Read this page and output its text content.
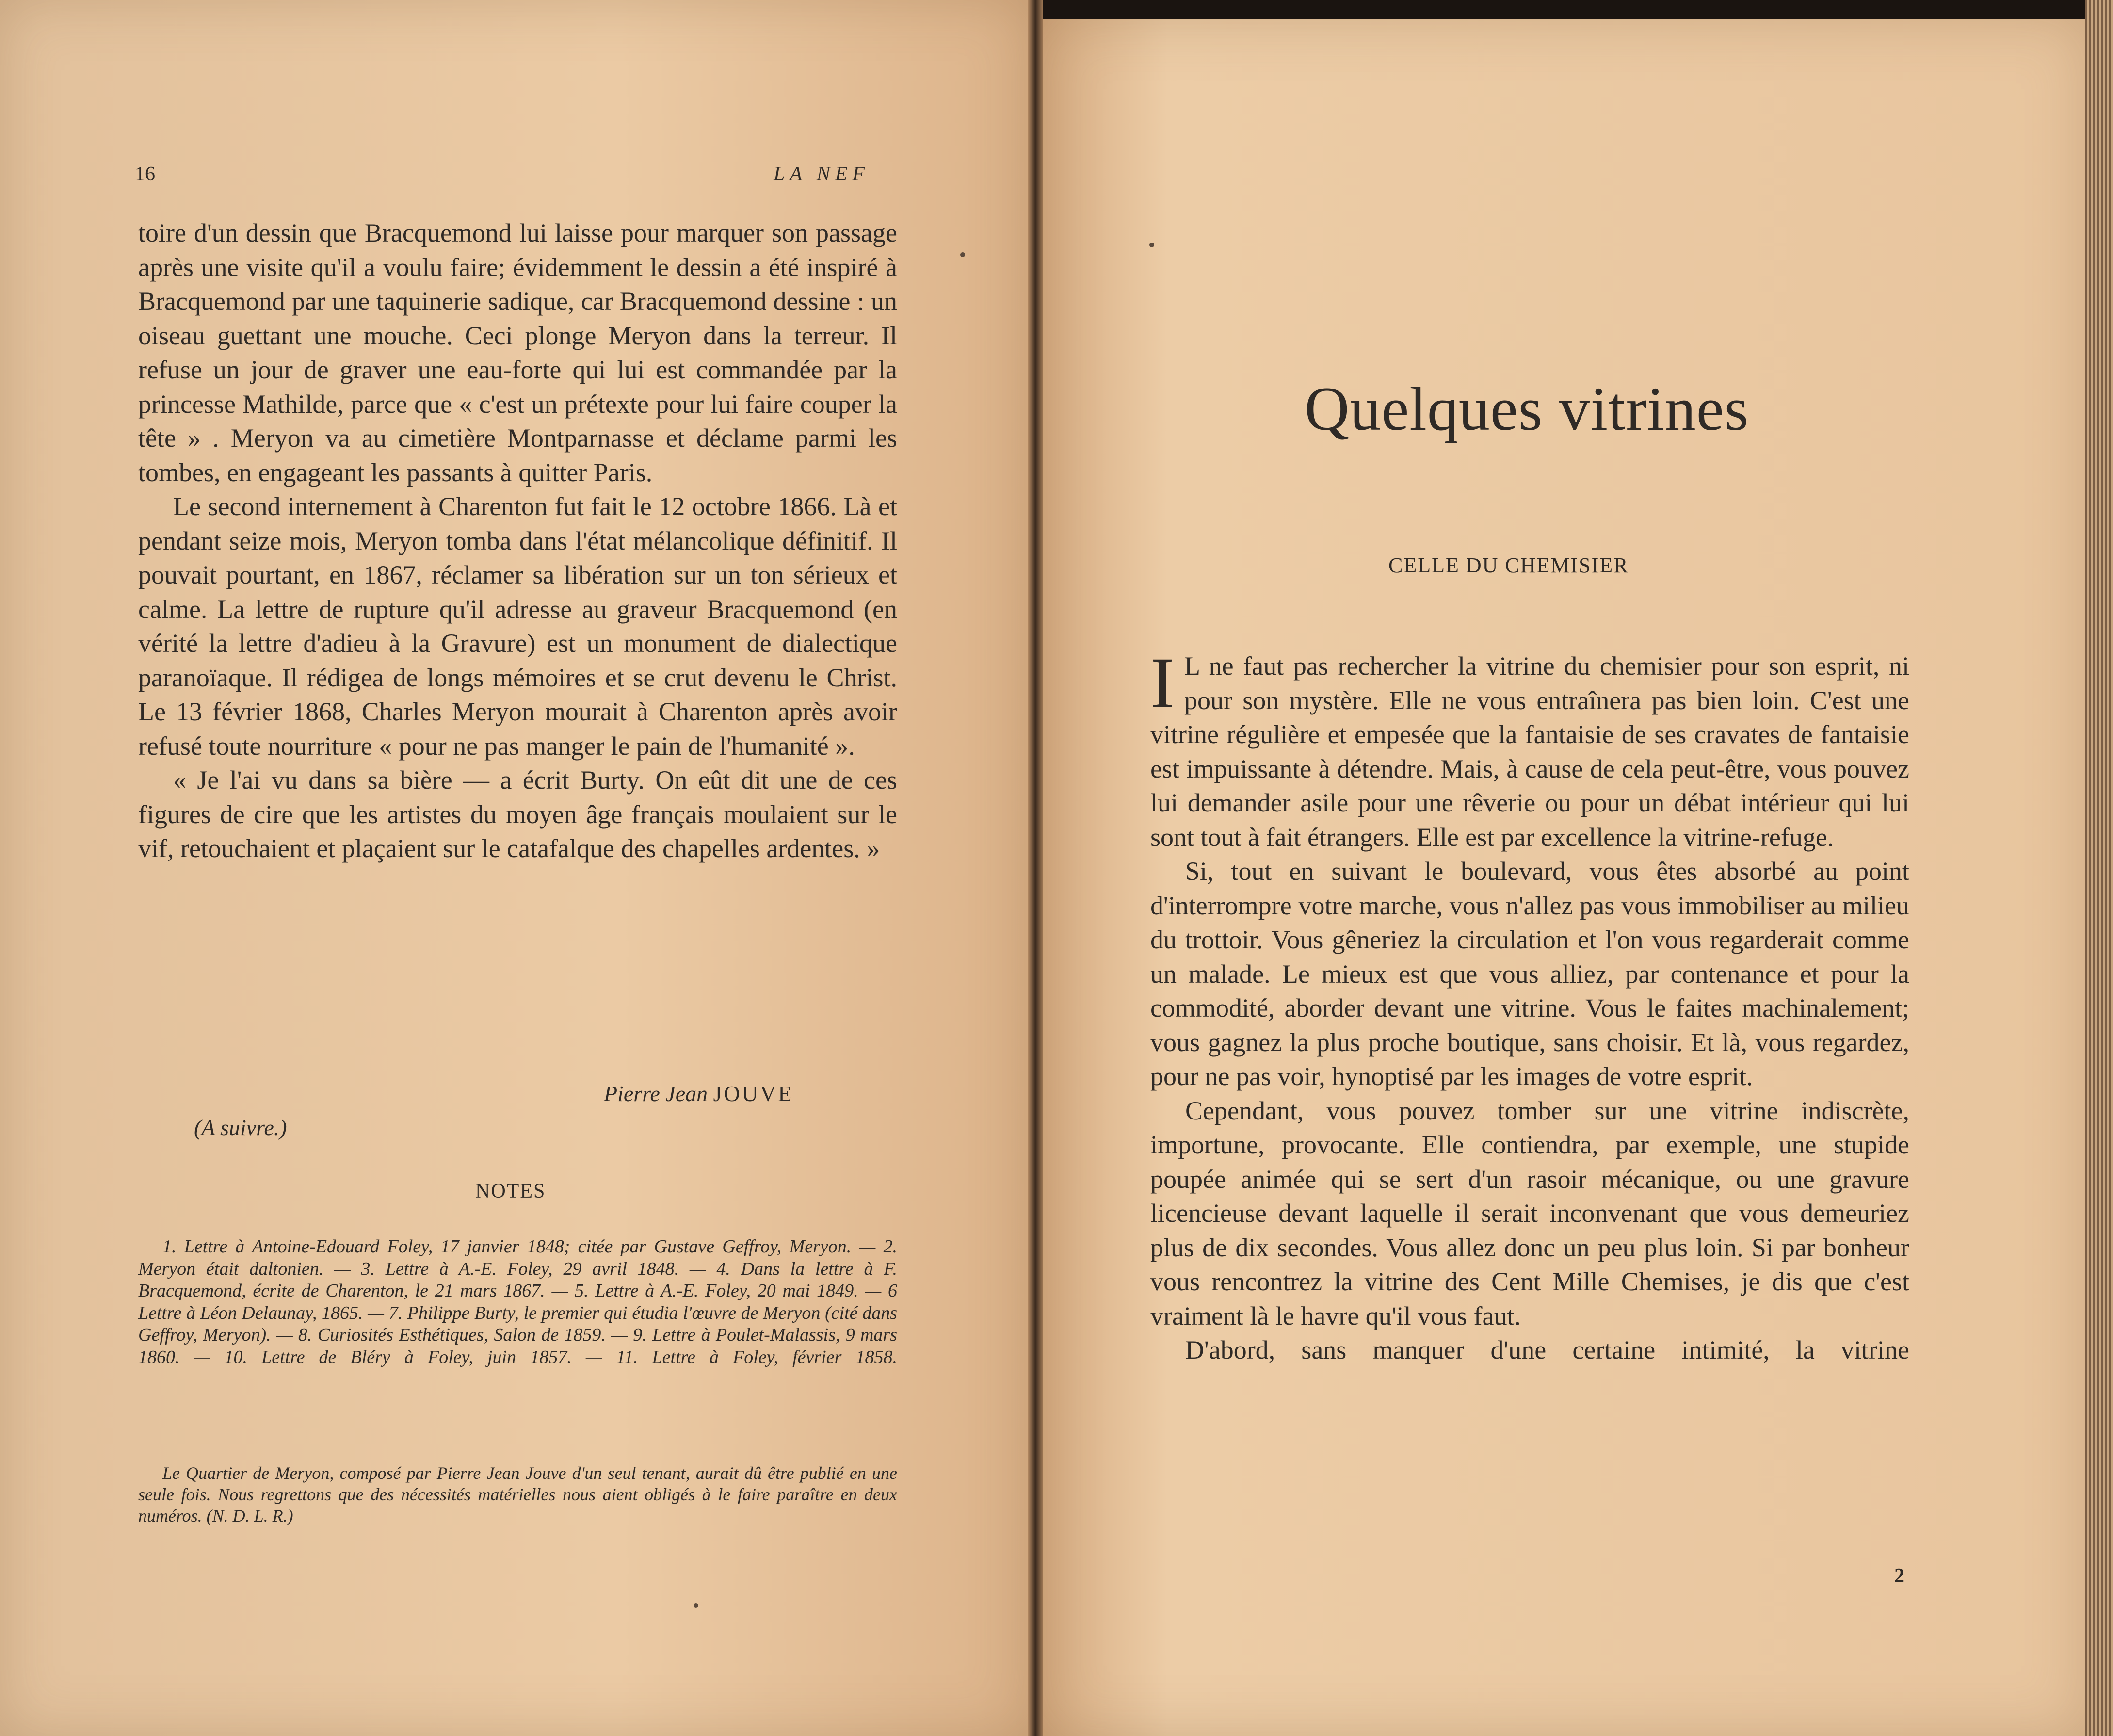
16	LA NEF

toire d'un dessin que Bracquemond lui laisse pour marquer son passage après une visite qu'il a voulu faire; évidemment le dessin a été inspiré à Bracquemond par une taquinerie sadique, car Bracquemond dessine : un oiseau guettant une mouche. Ceci plonge Meryon dans la terreur. Il refuse un jour de graver une eau-forte qui lui est commandée par la princesse Mathilde, parce que « c'est un prétexte pour lui faire couper la tête » . Meryon va au cimetière Montparnasse et déclame parmi les tombes, en engageant les passants à quitter Paris.

Le second internement à Charenton fut fait le 12 octobre 1866. Là et pendant seize mois, Meryon tomba dans l'état mélancolique définitif. Il pouvait pourtant, en 1867, réclamer sa libération sur un ton sérieux et calme. La lettre de rupture qu'il adresse au graveur Bracquemond (en vérité la lettre d'adieu à la Gravure) est un monument de dialectique paranoïaque. Il rédigea de longs mémoires et se crut devenu le Christ. Le 13 février 1868, Charles Meryon mourait à Charenton après avoir refusé toute nourriture « pour ne pas manger le pain de l'humanité ».

« Je l'ai vu dans sa bière — a écrit Burty. On eût dit une de ces figures de cire que les artistes du moyen âge français moulaient sur le vif, retouchaient et plaçaient sur le catafalque des chapelles ardentes. »

Pierre Jean JOUVE
(A suivre.)
NOTES
1. Lettre à Antoine-Edouard Foley, 17 janvier 1848; citée par Gustave Geffroy, Meryon. — 2. Meryon était daltonien. — 3. Lettre à A.-E. Foley, 29 avril 1848. — 4. Dans la lettre à F. Bracquemond, écrite de Charenton, le 21 mars 1867. — 5. Lettre à A.-E. Foley, 20 mai 1849. — 6 Lettre à Léon Delaunay, 1865. — 7. Philippe Burty, le premier qui étudia l'œuvre de Meryon (cité dans Geffroy, Meryon). — 8. Curiosités Esthétiques, Salon de 1859. — 9. Lettre à Poulet-Malassis, 9 mars 1860. — 10. Lettre de Bléry à Foley, juin 1857. — 11. Lettre à Foley, février 1858.
Le Quartier de Meryon, composé par Pierre Jean Jouve d'un seul tenant, aurait dû être publié en une seule fois. Nous regrettons que des nécessités matérielles nous aient obligés à le faire paraître en deux numéros. (N. D. L. R.)
Quelques vitrines
CELLE DU CHEMISIER

I L ne faut pas rechercher la vitrine du chemisier pour son esprit, ni pour son mystère. Elle ne vous entraînera pas bien loin. C'est une vitrine régulière et empesée que la fantaisie de ses cravates de fantaisie est impuissante à détendre. Mais, à cause de cela peut-être, vous pouvez lui demander asile pour une rêverie ou pour un débat intérieur qui lui sont tout à fait étrangers. Elle est par excellence la vitrine-refuge.

Si, tout en suivant le boulevard, vous êtes absorbé au point d'interrompre votre marche, vous n'allez pas vous immobiliser au milieu du trottoir. Vous gêneriez la circulation et l'on vous regarderait comme un malade. Le mieux est que vous alliez, par contenance et pour la commodité, aborder devant une vitrine. Vous le faites machinalement; vous gagnez la plus proche boutique, sans choisir. Et là, vous regardez, pour ne pas voir, hynoptisé par les images de votre esprit.

Cependant, vous pouvez tomber sur une vitrine indiscrète, importune, provocante. Elle contiendra, par exemple, une stupide poupée animée qui se sert d'un rasoir mécanique, ou une gravure licencieuse devant laquelle il serait inconvenant que vous demeuriez plus de dix secondes. Vous allez donc un peu plus loin. Si par bonheur vous rencontrez la vitrine des Cent Mille Chemises, je dis que c'est vraiment là le havre qu'il vous faut.

D'abord, sans manquer d'une certaine intimité, la vitrine

2
